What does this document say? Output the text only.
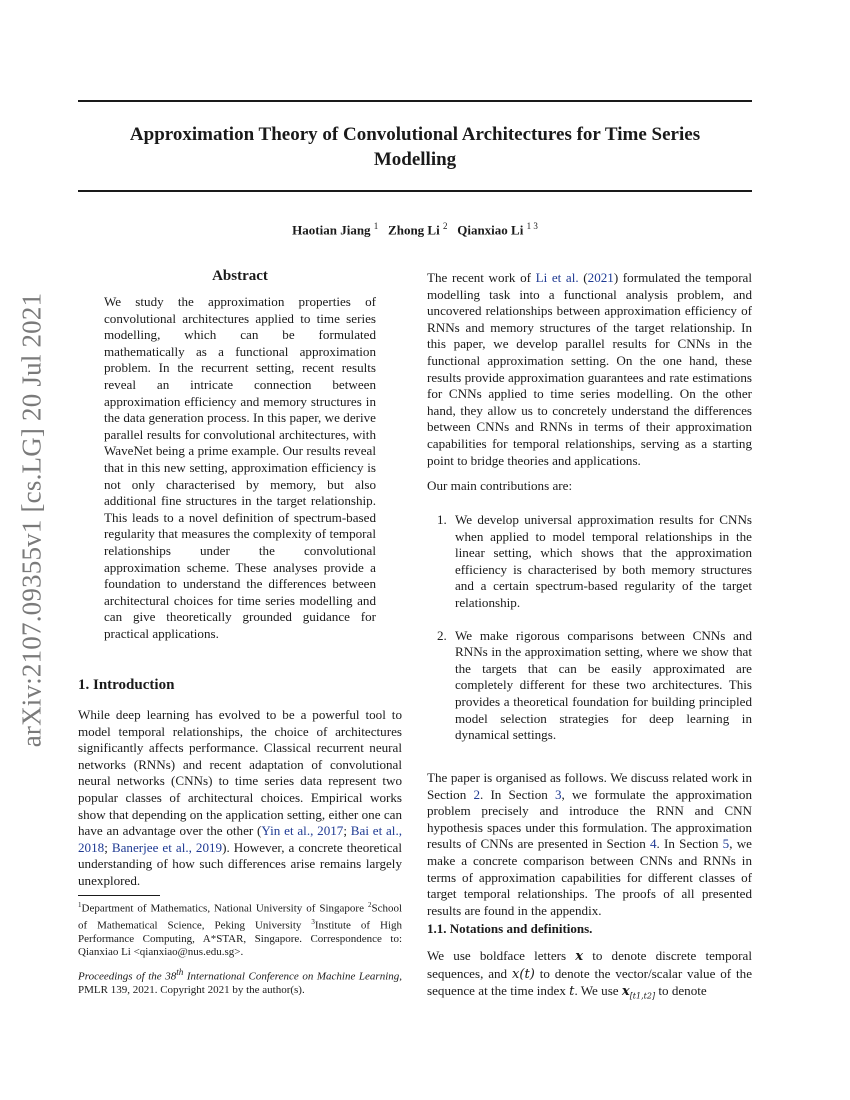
arXiv:2107.09355v1 [cs.LG] 20 Jul 2021
Approximation Theory of Convolutional Architectures for Time Series
Modelling
Haotian Jiang $^1$ Zhong Li $^2$ Qianxiao Li $^{1 3}$
Abstract

We study the approximation properties of convolutional architectures applied to time series modelling, which can be formulated mathematically as a functional approximation problem. In the recurrent setting, recent results reveal an intricate connection between approximation efficiency and memory structures in the data generation process. In this paper, we derive parallel results for convolutional architectures, with WaveNet being a prime example. Our results reveal that in this new setting, approximation efficiency is not only characterised by memory, but also additional fine structures in the target relationship. This leads to a novel definition of spectrum-based regularity that measures the complexity of temporal relationships under the convolutional approximation scheme. These analyses provide a foundation to understand the differences between architectural choices for time series modelling and can give theoretically grounded guidance for practical applications.

1. Introduction

While deep learning has evolved to be a powerful tool to model temporal relationships, the choice of architectures significantly affects performance. Classical recurrent neural networks (RNNs) and recent adaptation of convolutional neural networks (CNNs) to time series data represent two popular classes of architectural choices. Empirical works show that depending on the application setting, either one can have an advantage over the other (Yin et al., 2017; Bai et al., 2018; Banerjee et al., 2019). However, a concrete theoretical understanding of how such differences arise remains largely unexplored.

$^1$Department of Mathematics, National University of Singapore $^2$School of Mathematical Science, Peking University $^3$Institute of High Performance Computing, A*STAR, Singapore. Correspondence to: Qianxiao Li <qianxiao@nus.edu.sg>.
Proceedings of the 38th International Conference on Machine Learning, PMLR 139, 2021. Copyright 2021 by the author(s).

The recent work of Li et al. (2021) formulated the temporal modelling task into a functional analysis problem, and uncovered relationships between approximation efficiency of RNNs and memory structures of the target relationship. In this paper, we develop parallel results for CNNs in the functional approximation setting. On the one hand, these results provide approximation guarantees and rate estimations for CNNs applied to time series modelling. On the other hand, they allow us to concretely understand the differences between CNNs and RNNs in terms of their approximation capabilities for temporal relationships, serving as a starting point to bridge theories and applications.

Our main contributions are:
1. We develop universal approximation results for CNNs when applied to model temporal relationships in the linear setting, which shows that the approximation efficiency is characterised by both memory structures and a certain spectrum-based regularity of the target relationship.
2. We make rigorous comparisons between CNNs and RNNs in the approximation setting, where we show that the targets that can be easily approximated are completely different for these two architectures. This provides a theoretical foundation for building principled model selection strategies for deep learning in dynamical settings.

The paper is organised as follows. We discuss related work in Section 2. In Section 3, we formulate the approximation problem precisely and introduce the RNN and CNN hypothesis spaces under this formulation. The approximation results of CNNs are presented in Section 4. In Section 5, we make a concrete comparison between CNNs and RNNs in terms of approximation capabilities for different classes of target temporal relationships. The proofs of all presented results are found in the appendix.

1.1. Notations and definitions.

We use boldface letters x to denote discrete temporal sequences, and x(t) to denote the vector/scalar value of the sequence at the time index t. We use $x_{[t1,t2]}$ to denote
